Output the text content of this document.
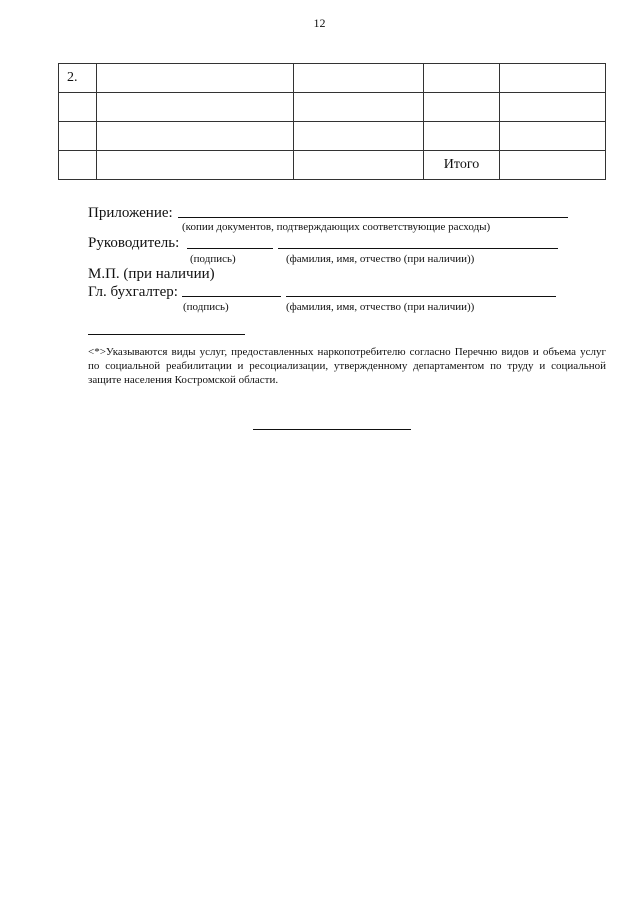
12
2.				

			Итого	
Приложение:
(копии документов, подтверждающих соответствующие расходы)
Руководитель:
(подпись)	(фамилия, имя, отчество (при наличии))
М.П. (при наличии)
Гл. бухгалтер:
(подпись)	(фамилия, имя, отчество (при наличии))
<*>Указываются виды услуг, предоставленных наркопотребителю согласно Перечню видов и объема услуг по социальной реабилитации и ресоциализации, утвержденному департаментом по труду и социальной защите населения Костромской области.
